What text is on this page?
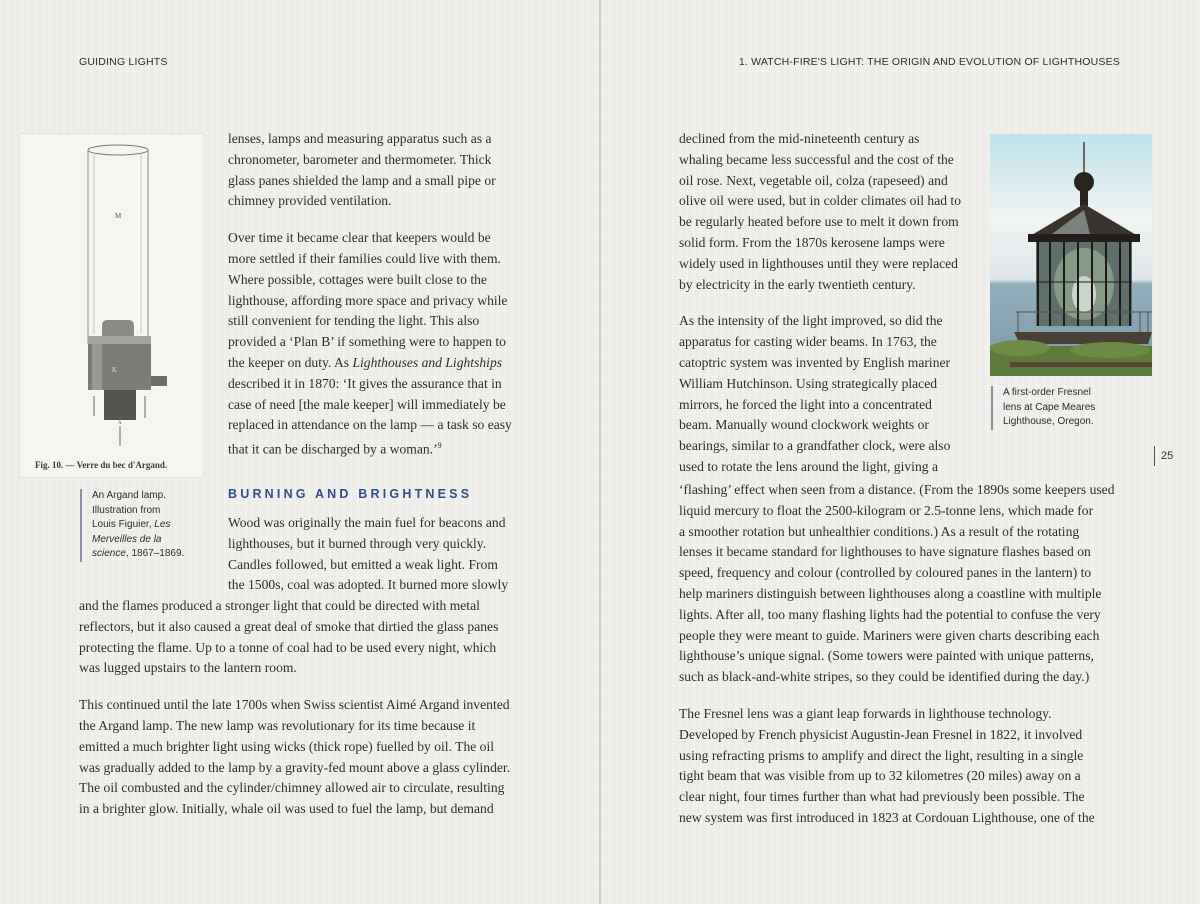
GUIDING LIGHTS	1. WATCH-FIRE'S LIGHT: THE ORIGIN AND EVOLUTION OF LIGHTHOUSES
M
K
A
Fig. 10. — Verre du bec d'Argand.
An Argand lamp.
Illustration from
Louis Figuier, Les
Merveilles de la
science, 1867–1869.

lenses, lamps and measuring apparatus such as a
chronometer, barometer and thermometer. Thick
glass panes shielded the lamp and a small pipe or
chimney provided ventilation.

Over time it became clear that keepers would be
more settled if their families could live with them.
Where possible, cottages were built close to the
lighthouse, affording more space and privacy while
still convenient for tending the light. This also
provided a ‘Plan B’ if something were to happen to
the keeper on duty. As Lighthouses and Lightships
described it in 1870: ‘It gives the assurance that in
case of need [the male keeper] will immediately be
replaced in attendance on the lamp — a task so easy
that it can be discharged by a woman.’$^9$

BURNING AND BRIGHTNESS
Wood was originally the main fuel for beacons and
lighthouses, but it burned through very quickly.
Candles followed, but emitted a weak light. From
the 1500s, coal was adopted. It burned more slowly

and the flames produced a stronger light that could be directed with metal
reflectors, but it also caused a great deal of smoke that dirtied the glass panes
protecting the flame. Up to a tonne of coal had to be used every night, which
was lugged upstairs to the lantern room.

This continued until the late 1700s when Swiss scientist Aimé Argand invented
the Argand lamp. The new lamp was revolutionary for its time because it
emitted a much brighter light using wicks (thick rope) fuelled by oil. The oil
was gradually added to the lamp by a gravity-fed mount above a glass cylinder.
The oil combusted and the cylinder/chimney allowed air to circulate, resulting
in a brighter glow. Initially, whale oil was used to fuel the lamp, but demand

A first-order Fresnel
lens at Cape Meares
Lighthouse, Oregon.

declined from the mid-nineteenth century as
whaling became less successful and the cost of the
oil rose. Next, vegetable oil, colza (rapeseed) and
olive oil were used, but in colder climates oil had to
be regularly heated before use to melt it down from
solid form. From the 1870s kerosene lamps were
widely used in lighthouses until they were replaced
by electricity in the early twentieth century.

As the intensity of the light improved, so did the
apparatus for casting wider beams. In 1763, the
catoptric system was invented by English mariner
William Hutchinson. Using strategically placed
mirrors, he forced the light into a concentrated
beam. Manually wound clockwork weights or
bearings, similar to a grandfather clock, were also
used to rotate the lens around the light, giving a

‘flashing’ effect when seen from a distance. (From the 1890s some keepers used
liquid mercury to float the 2500-kilogram or 2.5-tonne lens, which made for
a smoother rotation but unhealthier conditions.) As a result of the rotating
lenses it became standard for lighthouses to have signature flashes based on
speed, frequency and colour (controlled by coloured panes in the lantern) to
help mariners distinguish between lighthouses along a coastline with multiple
lights. After all, too many flashing lights had the potential to confuse the very
people they were meant to guide. Mariners were given charts describing each
lighthouse’s unique signal. (Some towers were painted with unique patterns,
such as black-and-white stripes, so they could be identified during the day.)

The Fresnel lens was a giant leap forwards in lighthouse technology.
Developed by French physicist Augustin-Jean Fresnel in 1822, it involved
using refracting prisms to amplify and direct the light, resulting in a single
tight beam that was visible from up to 32 kilometres (20 miles) away on a
clear night, four times further than what had previously been possible. The
new system was first introduced in 1823 at Cordouan Lighthouse, one of the

25
